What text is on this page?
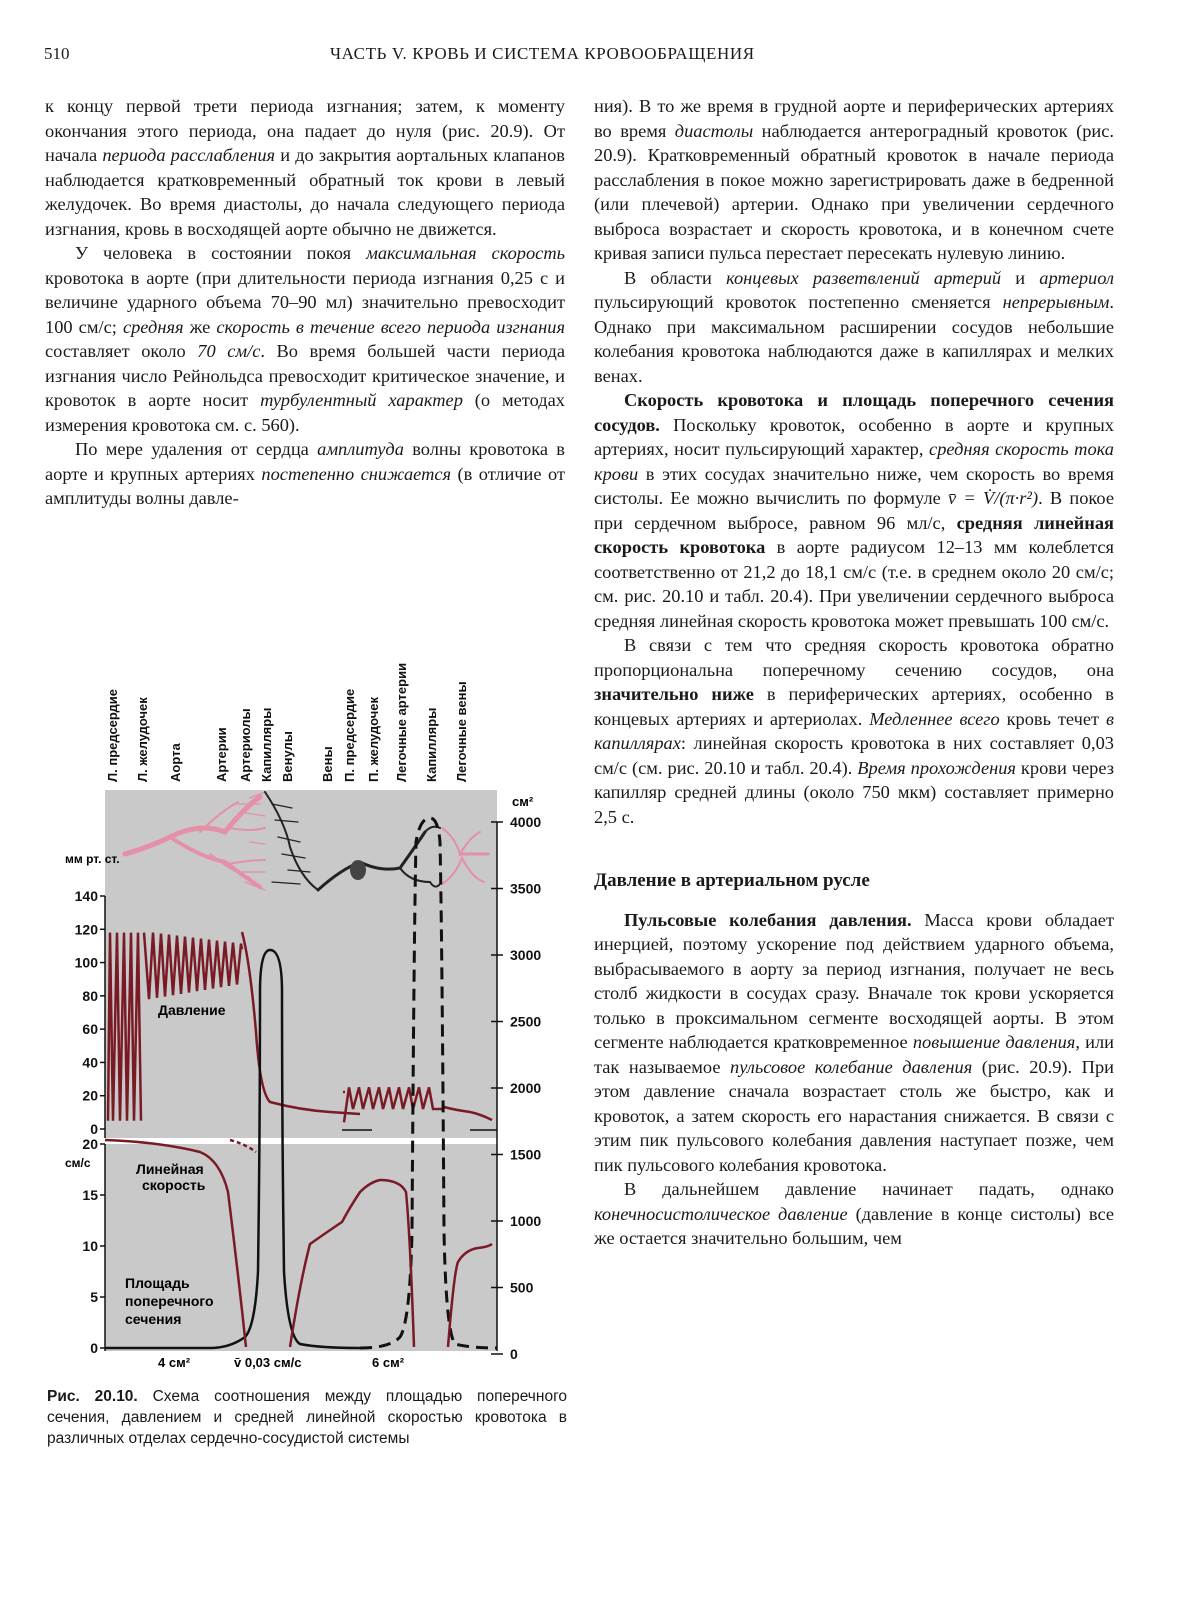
510	ЧАСТЬ V. КРОВЬ И СИСТЕМА КРОВООБРАЩЕНИЯ

к концу первой трети периода изгнания; затем, к моменту окончания этого периода, она падает до нуля (рис. 20.9). От начала периода расслабления и до закрытия аортальных клапанов наблюдается кратковременный обратный ток крови в левый желудочек. Во время диастолы, до начала следующего периода изгнания, кровь в восходящей аорте обычно не движется.

У человека в состоянии покоя максимальная скорость кровотока в аорте (при длительности периода изгнания 0,25 с и величине ударного объема 70–90 мл) значительно превосходит 100 см/с; средняя же скорость в течение всего периода изгнания составляет около 70 см/с. Во время большей части периода изгнания число Рейнольдса превосходит критическое значение, и кровоток в аорте носит турбулентный характер (о методах измерения кровотока см. с. 560).

По мере удаления от сердца амплитуда волны кровотока в аорте и крупных артериях постепенно снижается (в отличие от амплитуды волны давле-

Л. предсердие Л. желудочек Аорта Артерии Артериолы Капилляры Венулы Вены П. предсердие П. желудочек Легочные артерии Капилляры Легочные вены
140
120
100
80
60
40
20
0
20
15
10
5
0
4000
3500
3000
2500
2000
1500
1000
500
0
мм рт. ст.
см/с
см²
Давление
Линейная
скорость
Площадь
поперечного
сечения
4 см²	v̄ 0,03 см/с	6 см²
Рис. 20.10. Схема соотношения между площадью поперечного сечения, давлением и средней линейной скоростью кровотока в различных отделах сердечно-сосудистой системы

ния). В то же время в грудной аорте и периферических артериях во время диастолы наблюдается антероградный кровоток (рис. 20.9). Кратковременный обратный кровоток в начале периода расслабления в покое можно зарегистрировать даже в бедренной (или плечевой) артерии. Однако при увеличении сердечного выброса возрастает и скорость кровотока, и в конечном счете кривая записи пульса перестает пересекать нулевую линию.

В области концевых разветвлений артерий и артериол пульсирующий кровоток постепенно сменяется непрерывным. Однако при максимальном расширении сосудов небольшие колебания кровотока наблюдаются даже в капиллярах и мелких венах.

Скорость кровотока и площадь поперечного сечения сосудов. Поскольку кровоток, особенно в аорте и крупных артериях, носит пульсирующий характер, средняя скорость тока крови в этих сосудах значительно ниже, чем скорость во время систолы. Ее можно вычислить по формуле v̄ = V̇/(π·r²). В покое при сердечном выбросе, равном 96 мл/с, средняя линейная скорость кровотока в аорте радиусом 12–13 мм колеблется соответственно от 21,2 до 18,1 см/с (т.е. в среднем около 20 см/с; см. рис. 20.10 и табл. 20.4). При увеличении сердечного выброса средняя линейная скорость кровотока может превышать 100 см/с.

В связи с тем что средняя скорость кровотока обратно пропорциональна поперечному сечению сосудов, она значительно ниже в периферических артериях, особенно в концевых артериях и артериолах. Медленнее всего кровь течет в капиллярах: линейная скорость кровотока в них составляет 0,03 см/с (см. рис. 20.10 и табл. 20.4). Время прохождения крови через капилляр средней длины (около 750 мкм) составляет примерно 2,5 с.

Давление в артериальном русле

Пульсовые колебания давления. Масса крови обладает инерцией, поэтому ускорение под действием ударного объема, выбрасываемого в аорту за период изгнания, получает не весь столб жидкости в сосудах сразу. Вначале ток крови ускоряется только в проксимальном сегменте восходящей аорты. В этом сегменте наблюдается кратковременное повышение давления, или так называемое пульсовое колебание давления (рис. 20.9). При этом давление сначала возрастает столь же быстро, как и кровоток, а затем скорость его нарастания снижается. В связи с этим пик пульсового колебания давления наступает позже, чем пик пульсового колебания кровотока.

В дальнейшем давление начинает падать, однако конечносистолическое давление (давление в конце систолы) все же остается значительно большим, чем
